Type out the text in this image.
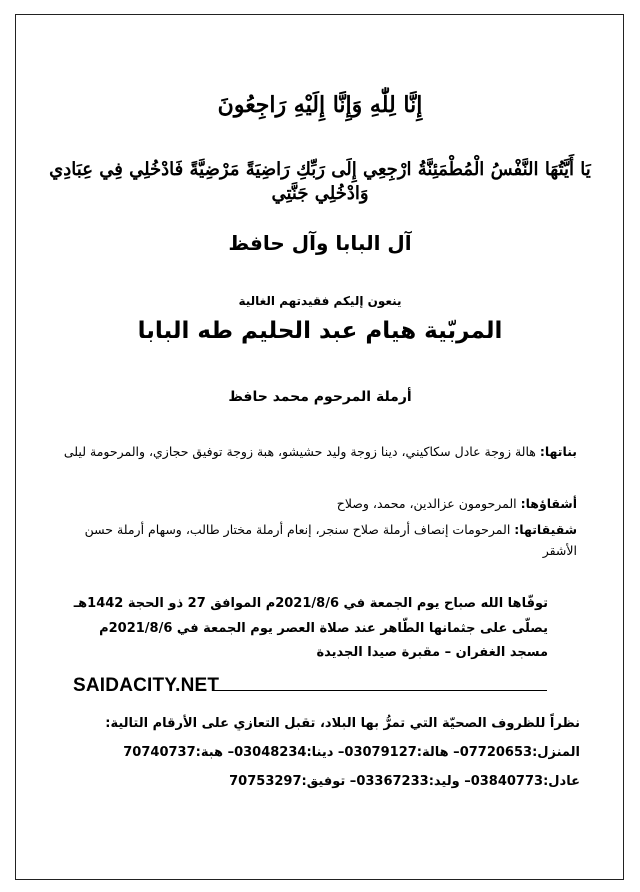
إِنَّا لِلّٰهِ وَإِنَّا إِلَيْهِ رَاجِعُونَ
يَا أَيَّتُهَا النَّفْسُ الْمُطْمَئِنَّةُ ارْجِعِي إِلَى رَبِّكِ رَاضِيَةً مَرْضِيَّةً فَادْخُلِي فِي عِبَادِي وَادْخُلِي جَنَّتِي
آل البابا وآل حافظ
ينعون إليكم فقيدتهم الغالية
المربّية هيام عبد الحليم طه البابا
أرملة المرحوم محمد حافظ
بناتها: هالة زوجة عادل سكاكيني، دينا زوجة وليد حشيشو، هبة زوجة توفيق حجازي، والمرحومة ليلى
أشقاؤها: المرحومون عزالدين، محمد، وصلاح
شقيقاتها: المرحومات إنصاف أرملة صلاح سنجر، إنعام أرملة مختار طالب، وسهام أرملة حسن الأشقر
توفّاها الله صباح يوم الجمعة في 2021/8/6م الموافق 27 ذو الحجة 1442هـ
يصلّى على جثمانها الطّاهر عند صلاة العصر يوم الجمعة في 2021/8/6م
مسجد الغفران – مقبرة صيدا الجديدة
SAIDACITY.NET
نظراً للظروف الصحيّة التي تمرُّ بها البلاد، تقبل التعازي على الأرقام التالية:
المنزل:07720653– هالة:03079127– دينا:03048234– هبة:70740737
عادل:03840773– وليد:03367233– توفيق:70753297
